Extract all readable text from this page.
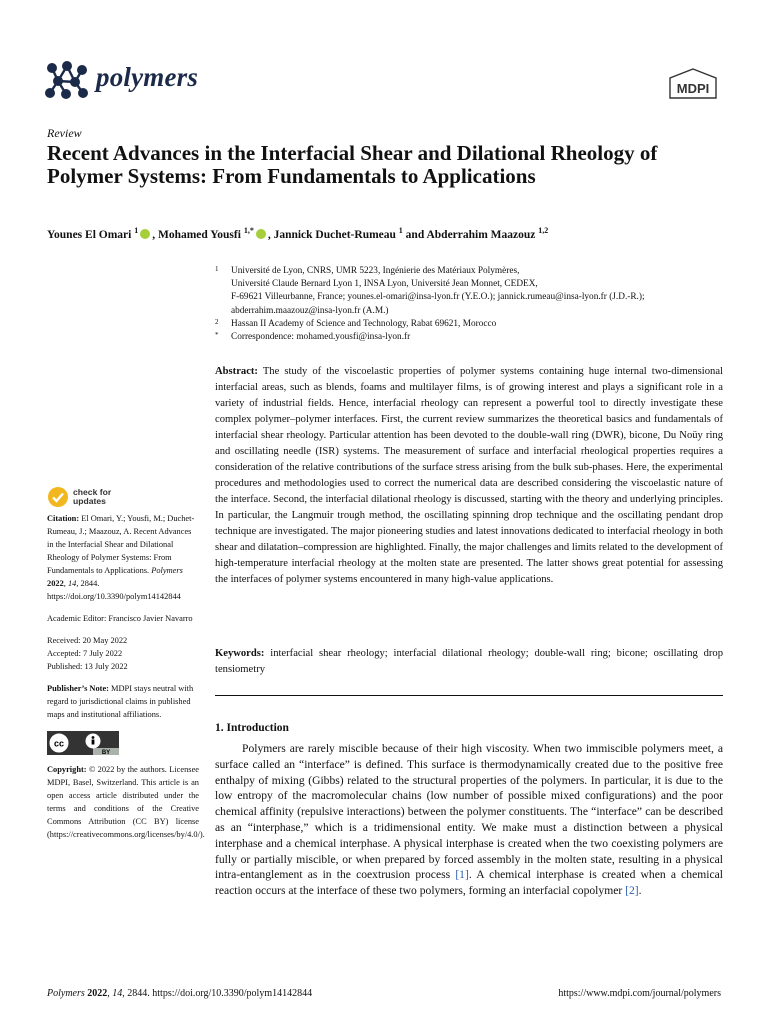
polymers	MDPI
Review
Recent Advances in the Interfacial Shear and Dilational Rheology of Polymer Systems: From Fundamentals to Applications
Younes El Omari $^1$ , Mohamed Yousfi $^{1,*}$ , Jannick Duchet-Rumeau $^1$ and Abderrahim Maazouz $^{1,2}$
1 Université de Lyon, CNRS, UMR 5223, Ingénierie des Matériaux Polymères,
Université Claude Bernard Lyon 1, INSA Lyon, Université Jean Monnet, CEDEX,
F-69621 Villeurbanne, France; younes.el-omari@insa-lyon.fr (Y.E.O.); jannick.rumeau@insa-lyon.fr (J.D.-R.);
abderrahim.maazouz@insa-lyon.fr (A.M.)
2 Hassan II Academy of Science and Technology, Rabat 69621, Morocco
* Correspondence: mohamed.yousfi@insa-lyon.fr

Abstract: The study of the viscoelastic properties of polymer systems containing huge internal two-dimensional interfacial areas, such as blends, foams and multilayer films, is of growing interest and plays a significant role in a variety of industrial fields. Hence, interfacial rheology can represent a powerful tool to directly investigate these complex polymer–polymer interfaces. First, the current review summarizes the theoretical basics and fundamentals of interfacial shear rheology. Particular attention has been devoted to the double-wall ring (DWR), bicone, Du Noüy ring and oscillating needle (ISR) systems. The measurement of surface and interfacial rheological properties requires a consideration of the relative contributions of the surface stress arising from the bulk sub-phases. Here, the experimental procedures and methodologies used to correct the numerical data are described considering the viscoelastic nature of the interface. Second, the interfacial dilational rheology is discussed, starting with the theory and underlying principles. In particular, the Langmuir trough method, the oscillating spinning drop technique and the oscillating pendant drop technique are investigated. The major pioneering studies and latest innovations dedicated to interfacial rheology in both shear and dilatation–compression are highlighted. Finally, the major challenges and limits related to the development of high-temperature interfacial rheology at the molten state are presented. The latter shows great potential for assessing the interfaces of polymer systems encountered in many high-value applications.

Keywords: interfacial shear rheology; interfacial dilational rheology; double-wall ring; bicone; oscillating drop tensiometry

1. Introduction

Polymers are rarely miscible because of their high viscosity. When two immiscible polymers meet, a surface called an “interface” is defined. This surface is thermodynamically created due to the positive free enthalpy of mixing (Gibbs) related to the structural properties of the polymers. In particular, it is due to the low entropy of the macromolecular chains (low number of possible mixed configurations) and the poor chemical affinity (repulsive interactions) between the polymer constituents. The “interface” can be described as an “interphase,” which is a tridimensional entity. We make must a distinction between a physical interphase and a chemical interphase. A physical interphase is created when the two coexisting polymers are fully or partially miscible, or when prepared by forced assembly in the molten state, resulting in a physical intra-entanglement as in the coextrusion process [1]. A chemical interphase is created when a chemical reaction occurs at the interface of these two polymers, forming an interfacial copolymer [2].

check for
updates
Citation: El Omari, Y.; Yousfi, M.; Duchet-Rumeau, J.; Maazouz, A. Recent Advances in the Interfacial Shear and Dilational Rheology of Polymer Systems: From Fundamentals to Applications. Polymers 2022, 14, 2844. https://doi.org/10.3390/polym14142844
Academic Editor: Francisco Javier Navarro
Received: 20 May 2022
Accepted: 7 July 2022
Published: 13 July 2022
Publisher’s Note: MDPI stays neutral with regard to jurisdictional claims in published maps and institutional affiliations.
cc
BY
Copyright: © 2022 by the authors. Licensee MDPI, Basel, Switzerland. This article is an open access article distributed under the terms and conditions of the Creative Commons Attribution (CC BY) license (https://creativecommons.org/licenses/by/4.0/).
Polymers 2022, 14, 2844. https://doi.org/10.3390/polym14142844	https://www.mdpi.com/journal/polymers
